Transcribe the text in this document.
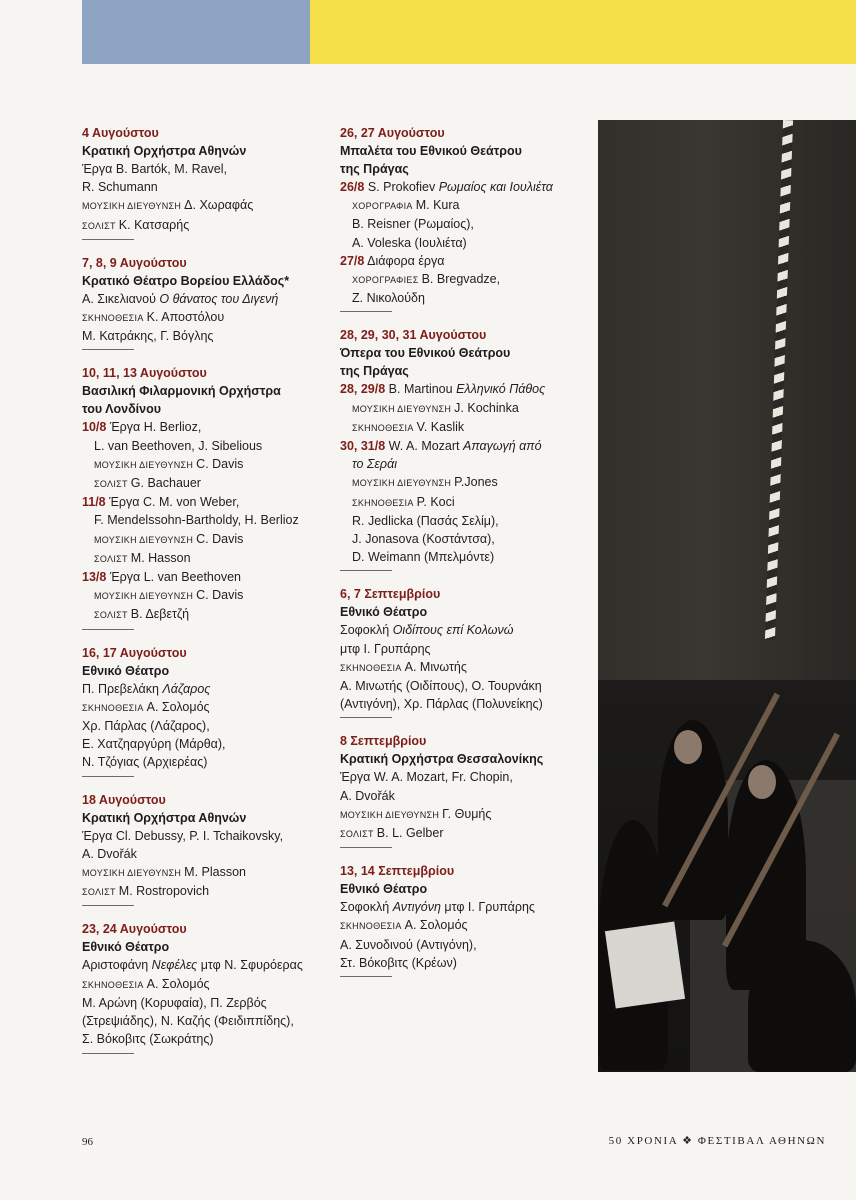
4 Αυγούστου
Κρατική Ορχήστρα Αθηνών
Έργα B. Bartók, M. Ravel,
R. Schumann
ΜΟΥΣΙΚΗ ΔΙΕΥΘΥΝΣΗ Δ. Χωραφάς
ΣΟΛΙΣΤ Κ. Κατσαρής
7, 8, 9 Αυγούστου
Κρατικό Θέατρο Βορείου Ελλάδος*
Α. Σικελιανού Ο θάνατος του Διγενή
ΣΚΗΝΟΘΕΣΙΑ Κ. Αποστόλου
Μ. Κατράκης, Γ. Βόγλης
10, 11, 13 Αυγούστου
Βασιλική Φιλαρμονική Ορχήστρα
του Λονδίνου
10/8 Έργα H. Berlioz,
L. van Beethoven, J. Sibelious
ΜΟΥΣΙΚΗ ΔΙΕΥΘΥΝΣΗ C. Davis
ΣΟΛΙΣΤ G. Bachauer
11/8 Έργα C. M. von Weber,
F. Mendelssohn-Bartholdy, H. Berlioz
ΜΟΥΣΙΚΗ ΔΙΕΥΘΥΝΣΗ C. Davis
ΣΟΛΙΣΤ M. Hasson
13/8 Έργα L. van Beethoven
ΜΟΥΣΙΚΗ ΔΙΕΥΘΥΝΣΗ C. Davis
ΣΟΛΙΣΤ Β. Δεβετζή
16, 17 Αυγούστου
Εθνικό Θέατρο
Π. Πρεβελάκη Λάζαρος
ΣΚΗΝΟΘΕΣΙΑ Α. Σολομός
Χρ. Πάρλας (Λάζαρος),
Ε. Χατζηαργύρη (Μάρθα),
Ν. Τζόγιας (Αρχιερέας)
18 Αυγούστου
Κρατική Ορχήστρα Αθηνών
Έργα Cl. Debussy, P. I. Tchaikovsky,
A. Dvořák
ΜΟΥΣΙΚΗ ΔΙΕΥΘΥΝΣΗ M. Plasson
ΣΟΛΙΣΤ M. Rostropovich
23, 24 Αυγούστου
Εθνικό Θέατρο
Αριστοφάνη Νεφέλες μτφ Ν. Σφυρόερας
ΣΚΗΝΟΘΕΣΙΑ Α. Σολομός
Μ. Αρώνη (Κορυφαία), Π. Ζερβός
(Στρεψιάδης), Ν. Καζής (Φειδιππίδης),
Σ. Βόκοβιτς (Σωκράτης)
26, 27 Αυγούστου
Μπαλέτα του Εθνικού Θεάτρου
της Πράγας
26/8 S. Prokofiev Ρωμαίος και Ιουλιέτα
ΧΟΡΟΓΡΑΦΙΑ M. Kura
B. Reisner (Ρωμαίος),
A. Voleska (Ιουλιέτα)
27/8 Διάφορα έργα
ΧΟΡΟΓΡΑΦΙΕΣ B. Bregvadze,
Z. Νικολούδη
28, 29, 30, 31 Αυγούστου
Όπερα του Εθνικού Θεάτρου
της Πράγας
28, 29/8 B. Martinou Ελληνικό Πάθος
ΜΟΥΣΙΚΗ ΔΙΕΥΘΥΝΣΗ J. Kochinka
ΣΚΗΝΟΘΕΣΙΑ V. Kaslik
30, 31/8 W. A. Mozart Απαγωγή από
το Σεράι
ΜΟΥΣΙΚΗ ΔΙΕΥΘΥΝΣΗ P.Jones
ΣΚΗΝΟΘΕΣΙΑ P. Koci
R. Jedlicka (Πασάς Σελίμ),
J. Jonasova (Κοστάντσα),
D. Weimann (Μπελμόντε)
6, 7 Σεπτεμβρίου
Εθνικό Θέατρο
Σοφοκλή Οιδίπους επί Κολωνώ
μτφ Ι. Γρυπάρης
ΣΚΗΝΟΘΕΣΙΑ Α. Μινωτής
Α. Μινωτής (Οιδίπους), Ο. Τουρνάκη
(Αντιγόνη), Χρ. Πάρλας (Πολυνείκης)
8 Σεπτεμβρίου
Κρατική Ορχήστρα Θεσσαλονίκης
Έργα W. A. Mozart, Fr. Chopin,
A. Dvořák
ΜΟΥΣΙΚΗ ΔΙΕΥΘΥΝΣΗ Γ. Θυμής
ΣΟΛΙΣΤ B. L. Gelber
13, 14 Σεπτεμβρίου
Εθνικό Θέατρο
Σοφοκλή Αντιγόνη μτφ Ι. Γρυπάρης
ΣΚΗΝΟΘΕΣΙΑ Α. Σολομός
Α. Συνοδινού (Αντιγόνη),
Στ. Βόκοβιτς (Κρέων)
96	50 ΧΡΟΝΙΑ ❖ ΦΕΣΤΙΒΑΛ ΑΘΗΝΩΝ
